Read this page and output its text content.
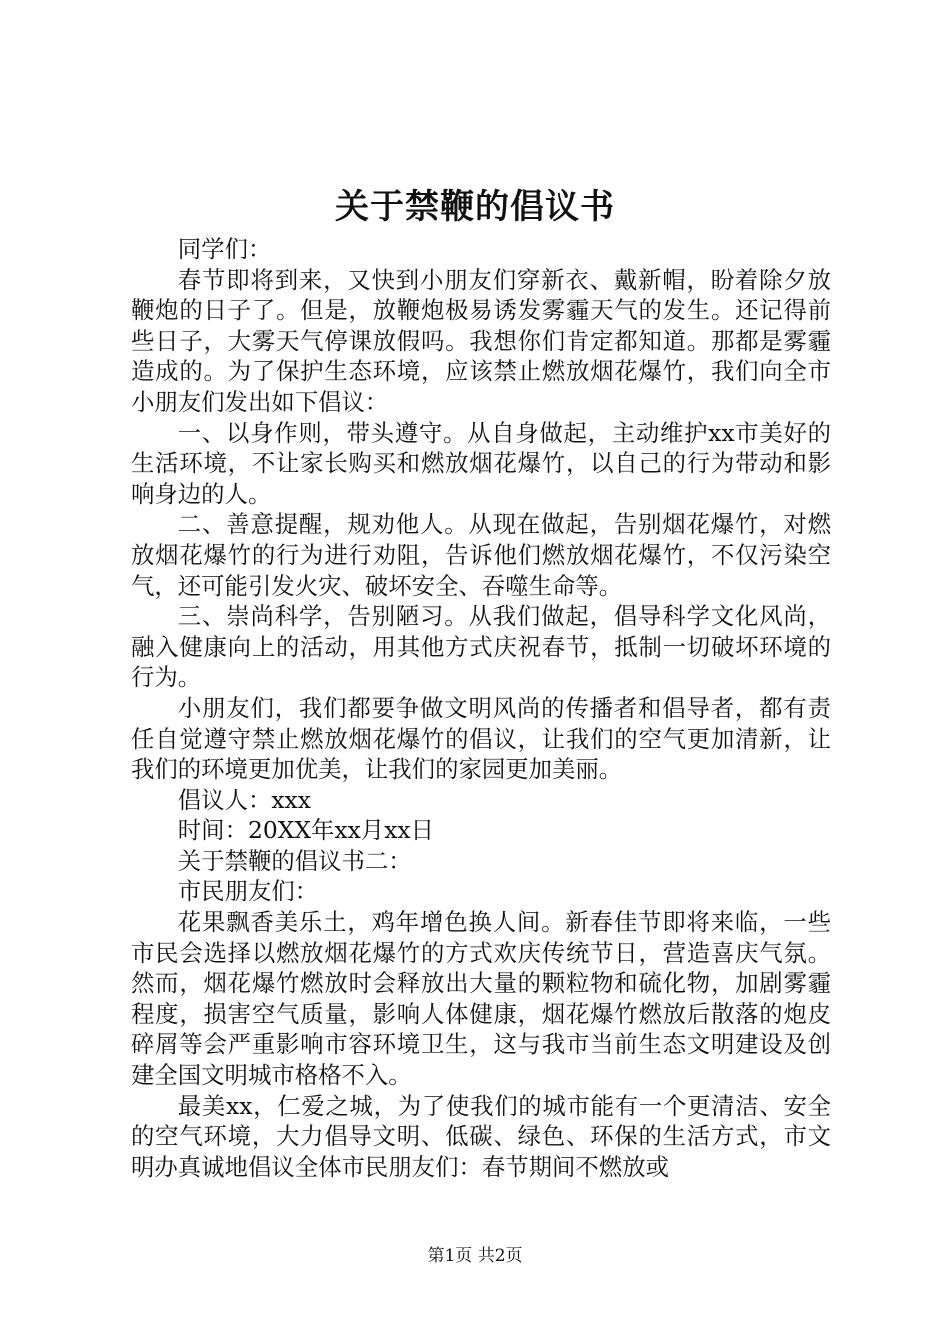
关于禁鞭的倡议书

同学们：

春节即将到来，又快到小朋友们穿新衣、戴新帽，盼着除夕放鞭炮的日子了。但是，放鞭炮极易诱发雾霾天气的发生。还记得前些日子，大雾天气停课放假吗。我想你们肯定都知道。那都是雾霾造成的。为了保护生态环境，应该禁止燃放烟花爆竹，我们向全市小朋友们发出如下倡议：

一、以身作则，带头遵守。从自身做起，主动维护xx市美好的生活环境，不让家长购买和燃放烟花爆竹，以自己的行为带动和影响身边的人。

二、善意提醒，规劝他人。从现在做起，告别烟花爆竹，对燃放烟花爆竹的行为进行劝阻，告诉他们燃放烟花爆竹，不仅污染空气，还可能引发火灾、破坏安全、吞噬生命等。

三、崇尚科学，告别陋习。从我们做起，倡导科学文化风尚，融入健康向上的活动，用其他方式庆祝春节，抵制一切破坏环境的行为。

小朋友们，我们都要争做文明风尚的传播者和倡导者，都有责任自觉遵守禁止燃放烟花爆竹的倡议，让我们的空气更加清新，让我们的环境更加优美，让我们的家园更加美丽。

倡议人：xxx

时间：20XX年xx月xx日

关于禁鞭的倡议书二：

市民朋友们：

花果飘香美乐土，鸡年增色换人间。新春佳节即将来临，一些市民会选择以燃放烟花爆竹的方式欢庆传统节日，营造喜庆气氛。然而，烟花爆竹燃放时会释放出大量的颗粒物和硫化物，加剧雾霾程度，损害空气质量，影响人体健康，烟花爆竹燃放后散落的炮皮碎屑等会严重影响市容环境卫生，这与我市当前生态文明建设及创建全国文明城市格格不入。

最美xx，仁爱之城，为了使我们的城市能有一个更清洁、安全的空气环境，大力倡导文明、低碳、绿色、环保的生活方式，市文明办真诚地倡议全体市民朋友们：春节期间不燃放或

第1页 共2页
